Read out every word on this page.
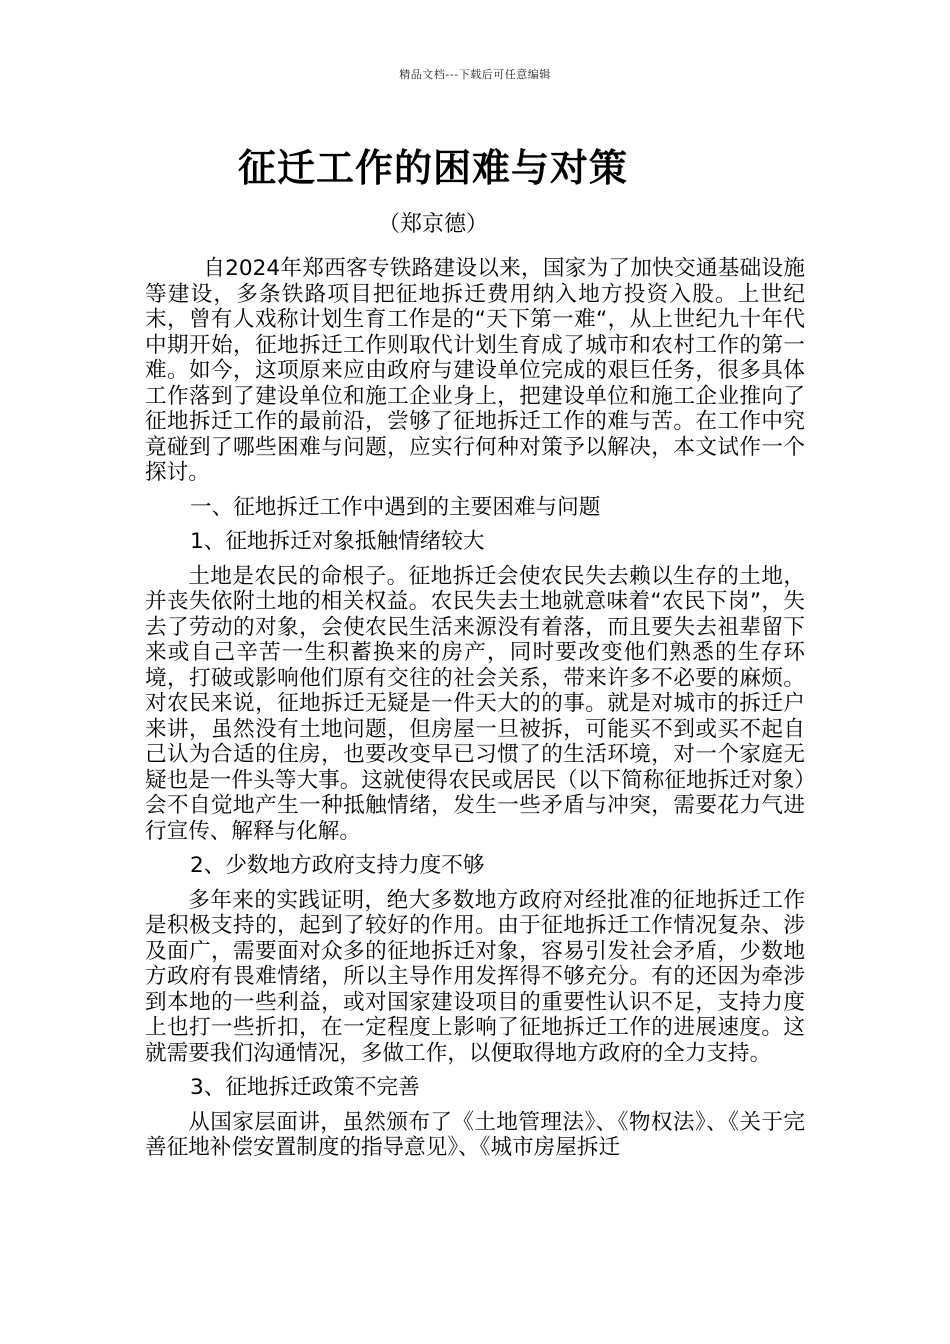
精品文档---下载后可任意编辑
征迁工作的困难与对策
（郑京德）

自2024年郑西客专铁路建设以来，国家为了加快交通基础设施等建设，多条铁路项目把征地拆迁费用纳入地方投资入股。上世纪末，曾有人戏称计划生育工作是的“天下第一难“，从上世纪九十年代中期开始，征地拆迁工作则取代计划生育成了城市和农村工作的第一难。如今，这项原来应由政府与建设单位完成的艰巨任务，很多具体工作落到了建设单位和施工企业身上，把建设单位和施工企业推向了征地拆迁工作的最前沿，尝够了征地拆迁工作的难与苦。在工作中究竟碰到了哪些困难与问题，应实行何种对策予以解决，本文试作一个探讨。

一、征地拆迁工作中遇到的主要困难与问题
1、征地拆迁对象抵触情绪较大

土地是农民的命根子。征地拆迁会使农民失去赖以生存的土地，并丧失依附土地的相关权益。农民失去土地就意味着“农民下岗”，失去了劳动的对象，会使农民生活来源没有着落，而且要失去祖辈留下来或自己辛苦一生积蓄换来的房产，同时要改变他们熟悉的生存环境，打破或影响他们原有交往的社会关系，带来许多不必要的麻烦。对农民来说，征地拆迁无疑是一件天大的的事。就是对城市的拆迁户来讲，虽然没有土地问题，但房屋一旦被拆，可能买不到或买不起自己认为合适的住房，也要改变早已习惯了的生活环境，对一个家庭无疑也是一件头等大事。这就使得农民或居民（以下简称征地拆迁对象）会不自觉地产生一种抵触情绪，发生一些矛盾与冲突，需要花力气进行宣传、解释与化解。

2、少数地方政府支持力度不够

多年来的实践证明，绝大多数地方政府对经批准的征地拆迁工作是积极支持的，起到了较好的作用。由于征地拆迁工作情况复杂、涉及面广，需要面对众多的征地拆迁对象，容易引发社会矛盾，少数地方政府有畏难情绪，所以主导作用发挥得不够充分。有的还因为牵涉到本地的一些利益，或对国家建设项目的重要性认识不足，支持力度上也打一些折扣，在一定程度上影响了征地拆迁工作的进展速度。这就需要我们沟通情况，多做工作，以便取得地方政府的全力支持。

3、征地拆迁政策不完善

从国家层面讲，虽然颁布了《土地管理法》、《物权法》、《关于完善征地补偿安置制度的指导意见》、《城市房屋拆迁
